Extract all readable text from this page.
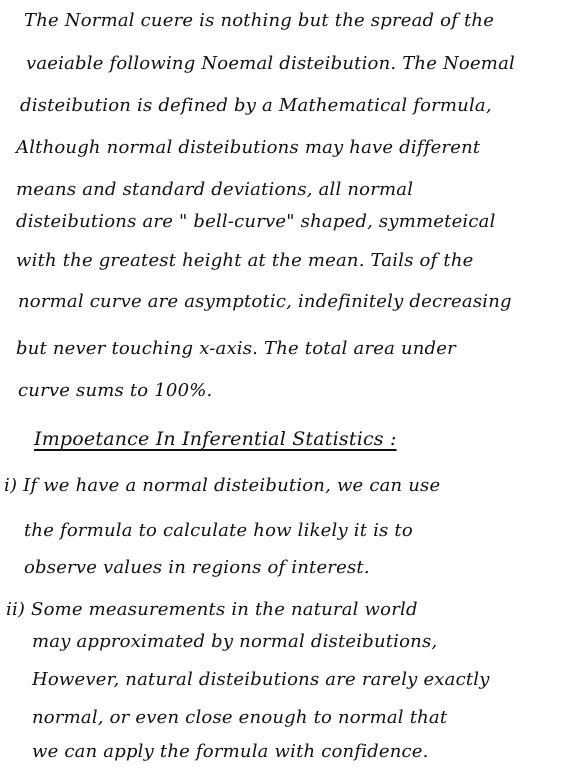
The Normal cuere is nothing but the spread of the
vaeiable following Noemal disteibution. The Noemal
disteibution is defined by a Mathematical formula,
Although normal disteibutions may have different
means and standard deviations, all normal
disteibutions are " bell-curve" shaped, symmeteical
with the greatest height at the mean. Tails of the
normal curve are asymptotic, indefinitely decreasing
but never touching x-axis. The total area under
curve sums to 100%.
Impoetance In Inferential Statistics :
i) If we have a normal disteibution, we can use
the formula to calculate how likely it is to
observe values in regions of interest.
ii) Some measurements in the natural world
may approximated by normal disteibutions,
However, natural disteibutions are rarely exactly
normal, or even close enough to normal that
we can apply the formula with confidence.
